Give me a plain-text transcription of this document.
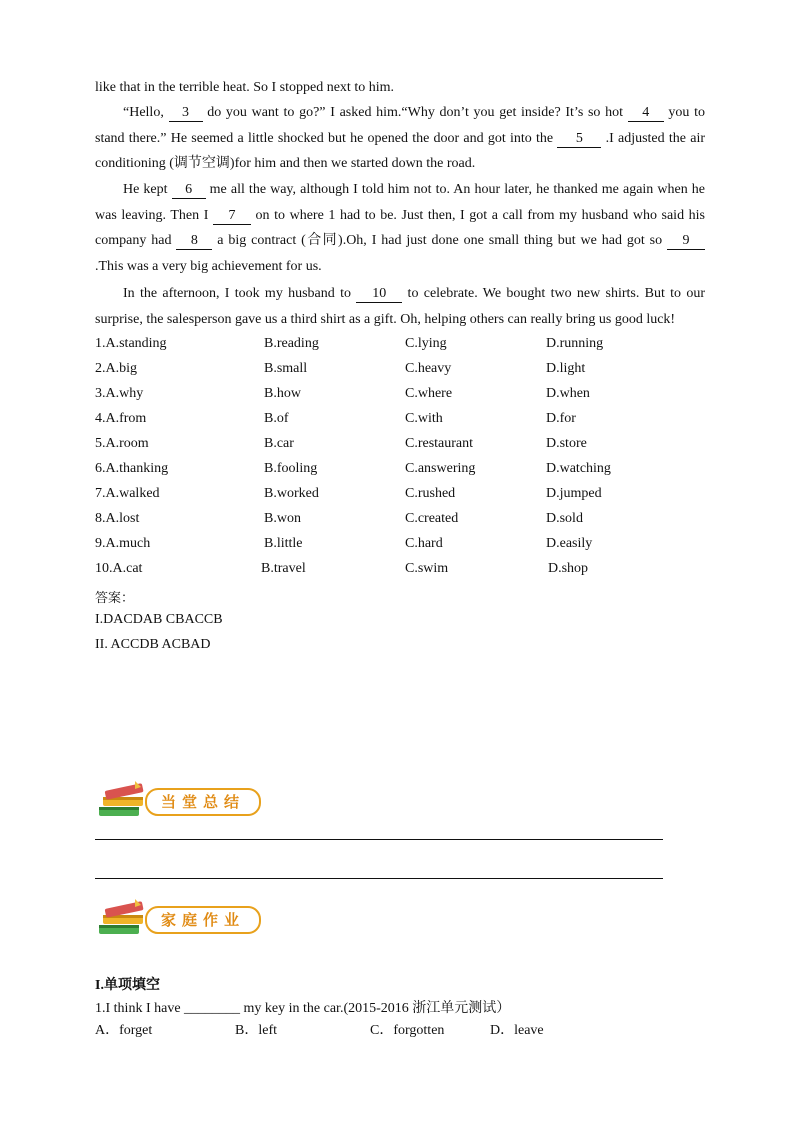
like that in the terrible heat. So I stopped next to him.
“Hello, 3 do you want to go?” I asked him.“Why don’t you get inside? It’s so hot 4 you to stand there.” He seemed a little shocked but he opened the door and got into the 5 .I adjusted the air conditioning (调节空调)for him and then we started down the road.
He kept 6 me all the way, although I told him not to. An hour later, he thanked me again when he was leaving. Then I 7 on to where 1 had to be. Just then, I got a call from my husband who said his company had 8 a big contract (合同).Oh, I had just done one small thing but we had got so 9 .This was a very big achievement for us.
In the afternoon, I took my husband to 10 to celebrate. We bought two new shirts. But to our surprise, the salesperson gave us a third shirt as a gift. Oh, helping others can really bring us good luck!
1.A.standing	B.reading	C.lying	D.running
2.A.big	B.small	C.heavy	D.light
3.A.why	B.how	C.where	D.when
4.A.from	B.of	C.with	D.for
5.A.room	B.car	C.restaurant	D.store
6.A.thanking	B.fooling	C.answering	D.watching
7.A.walked	B.worked	C.rushed	D.jumped
8.A.lost	B.won	C.created	D.sold
9.A.much	B.little	C.hard	D.easily
10.A.cat	B.travel	C.swim	D.shop
答案：
I.DACDAB CBACCB
II. ACCDB ACBAD
当堂总结
家庭作业
I.单项填空
1.I think I have ________ my key in the car.(2015-2016 浙江单元测试）
A．forget	B．left	C．forgotten	D．leave
